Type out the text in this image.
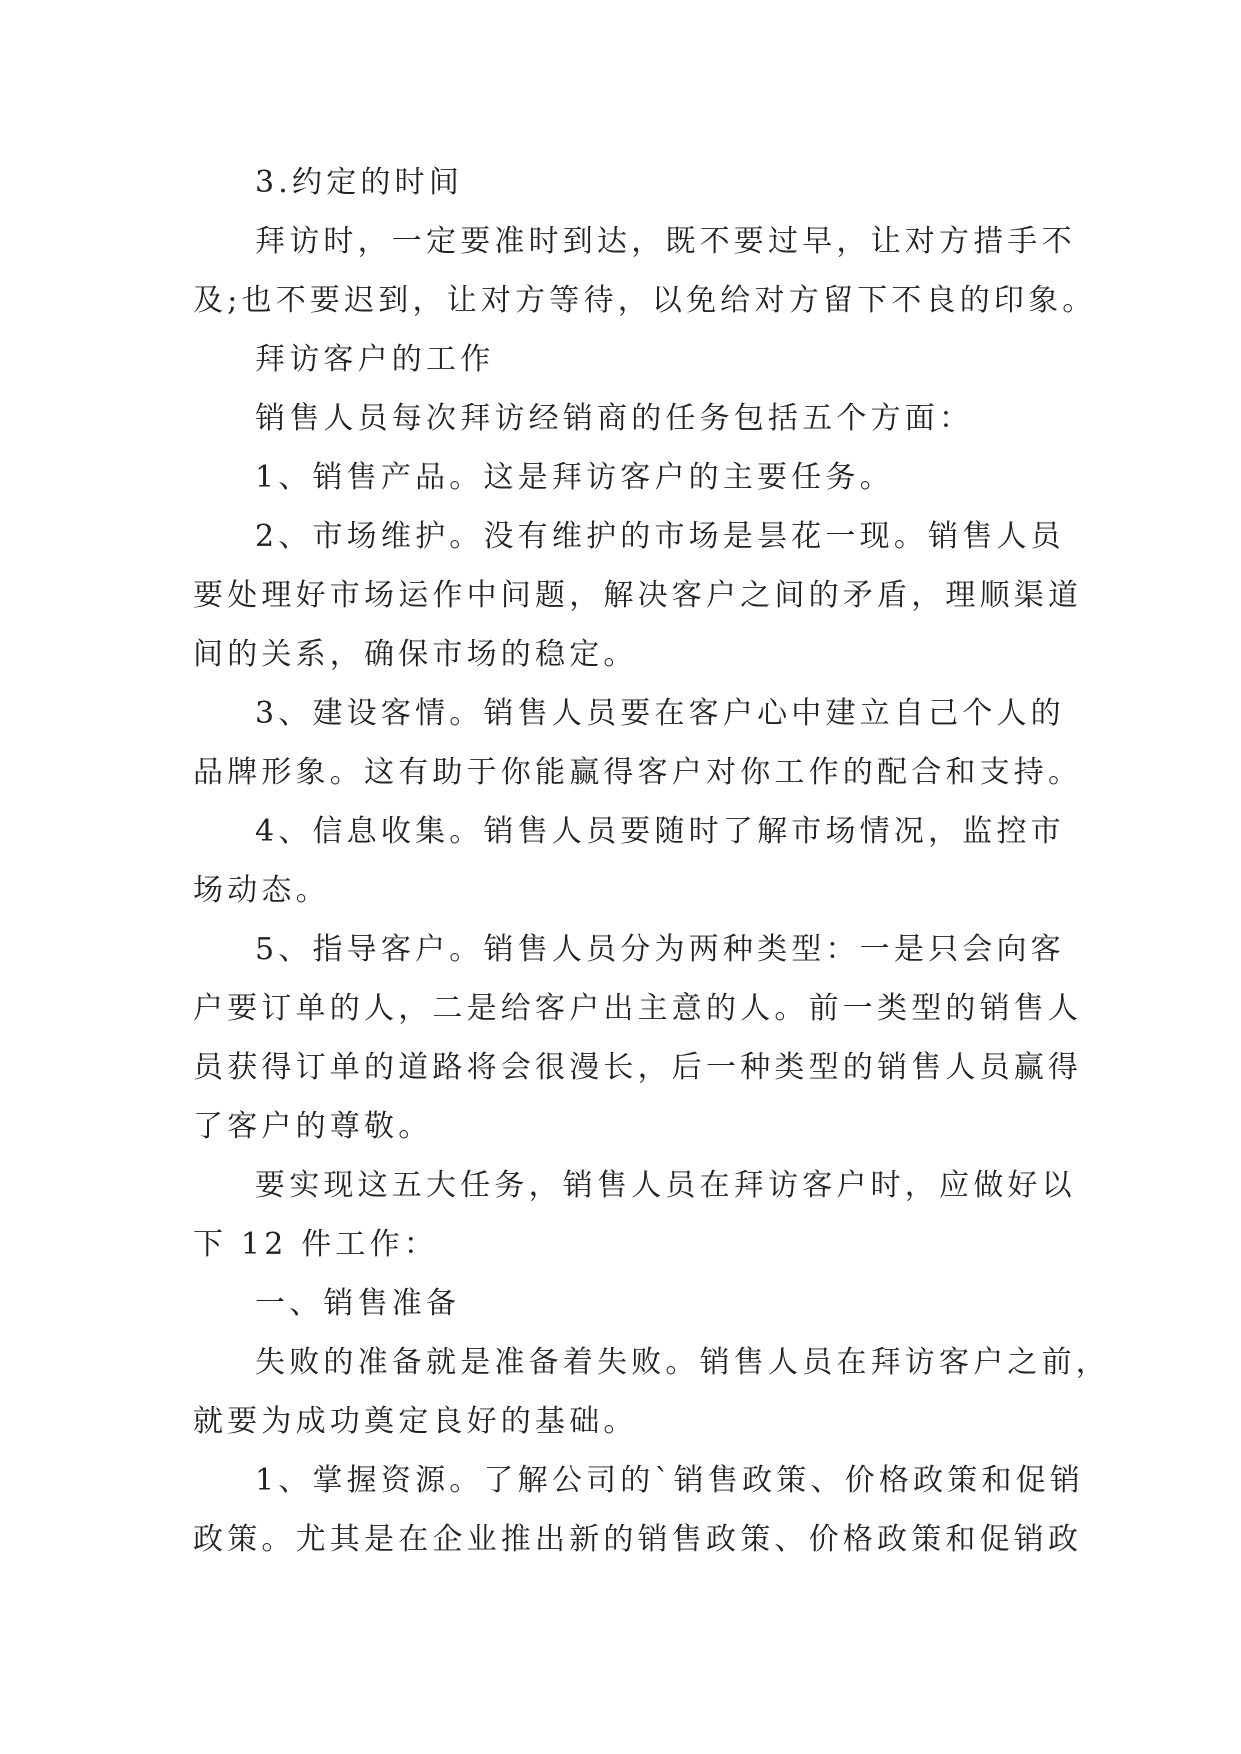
3.约定的时间
拜访时，一定要准时到达，既不要过早，让对方措手不
及;也不要迟到，让对方等待，以免给对方留下不良的印象。
拜访客户的工作
销售人员每次拜访经销商的任务包括五个方面：
1、销售产品。这是拜访客户的主要任务。
2、市场维护。没有维护的市场是昙花一现。销售人员
要处理好市场运作中问题，解决客户之间的矛盾，理顺渠道
间的关系，确保市场的稳定。
3、建设客情。销售人员要在客户心中建立自己个人的
品牌形象。这有助于你能赢得客户对你工作的配合和支持。
4、信息收集。销售人员要随时了解市场情况，监控市
场动态。
5、指导客户。销售人员分为两种类型：一是只会向客
户要订单的人，二是给客户出主意的人。前一类型的销售人
员获得订单的道路将会很漫长，后一种类型的销售人员赢得
了客户的尊敬。
要实现这五大任务，销售人员在拜访客户时，应做好以
下 12 件工作：
一、销售准备
失败的准备就是准备着失败。销售人员在拜访客户之前，
就要为成功奠定良好的基础。
1、掌握资源。了解公司的`销售政策、价格政策和促销
政策。尤其是在企业推出新的销售政策、价格政策和促销政
